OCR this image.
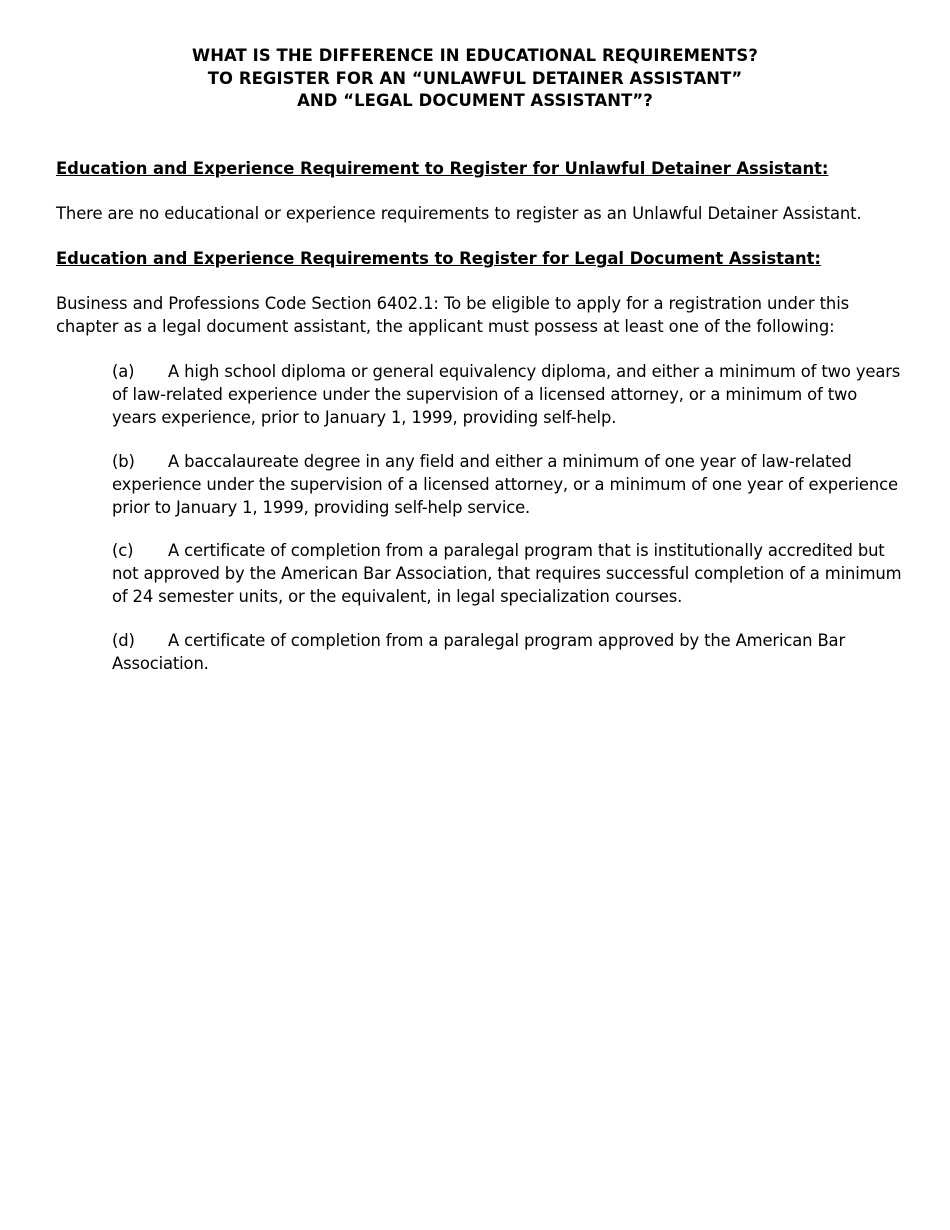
WHAT IS THE DIFFERENCE IN EDUCATIONAL REQUIREMENTS?
TO REGISTER FOR AN “UNLAWFUL DETAINER ASSISTANT”
AND “LEGAL DOCUMENT ASSISTANT”?
Education and Experience Requirement to Register for Unlawful Detainer Assistant:
There are no educational or experience requirements to register as an Unlawful Detainer Assistant.
Education and Experience Requirements to Register for Legal Document Assistant:
Business and Professions Code Section 6402.1: To be eligible to apply for a registration under this chapter as a legal document assistant, the applicant must possess at least one of the following:
(a) A high school diploma or general equivalency diploma, and either a minimum of two years of law-related experience under the supervision of a licensed attorney, or a minimum of two years experience, prior to January 1, 1999, providing self-help.
(b) A baccalaureate degree in any field and either a minimum of one year of law-related experience under the supervision of a licensed attorney, or a minimum of one year of experience prior to January 1, 1999, providing self-help service.
(c) A certificate of completion from a paralegal program that is institutionally accredited but not approved by the American Bar Association, that requires successful completion of a minimum of 24 semester units, or the equivalent, in legal specialization courses.
(d) A certificate of completion from a paralegal program approved by the American Bar Association.
